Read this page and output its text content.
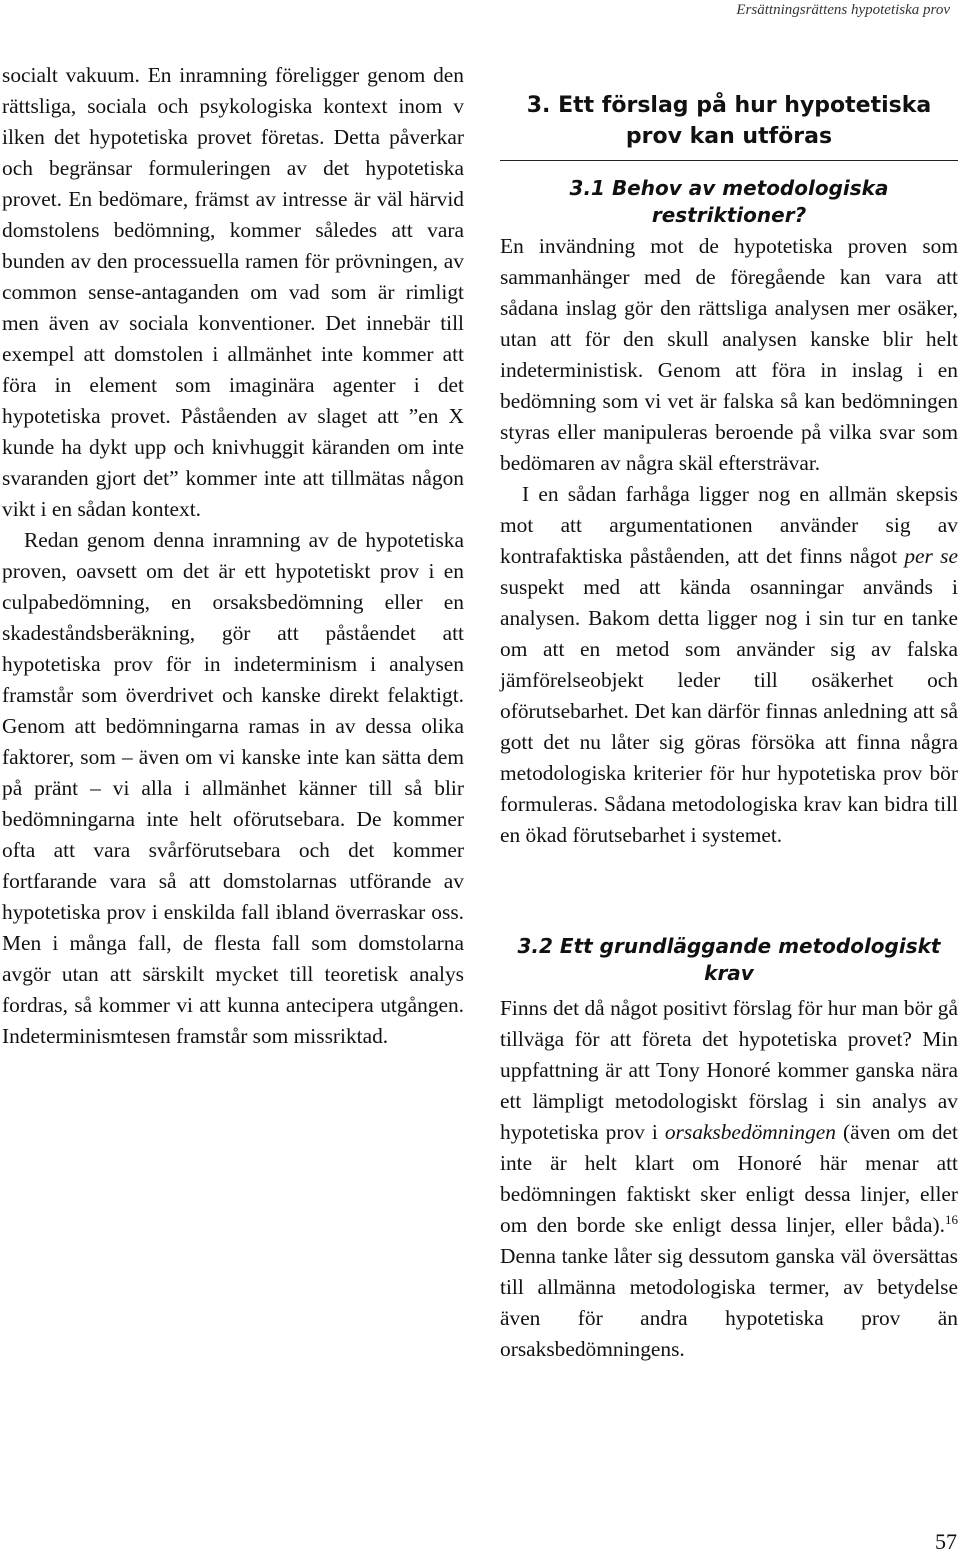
Ersättningsrättens hypotetiska prov

socialt vakuum. En inramning föreligger genom den rättsliga, sociala och psykologiska kontext inom v ilken det hypotetiska provet företas. Detta påverkar och begränsar formuleringen av det hypotetiska provet. En bedömare, främst av intresse är väl härvid domstolens bedömning, kommer således att vara bunden av den processuella ramen för prövningen, av common sense-antaganden om vad som är rimligt men även av sociala konventioner. Det innebär till exempel att domstolen i allmänhet inte kommer att föra in element som imaginära agenter i det hypotetiska provet. Påståenden av slaget att ”en X kunde ha dykt upp och knivhuggit käranden om inte svaranden gjort det” kommer inte att tillmätas någon vikt i en sådan kontext.

Redan genom denna inramning av de hypotetiska proven, oavsett om det är ett hypotetiskt prov i en culpabedömning, en orsaksbedömning eller en skadeståndsberäkning, gör att påståendet att hypotetiska prov för in indeterminism i analysen framstår som överdrivet och kanske direkt felaktigt. Genom att bedömningarna ramas in av dessa olika faktorer, som – även om vi kanske inte kan sätta dem på pränt – vi alla i allmänhet känner till så blir bedömningarna inte helt oförutsebara. De kommer ofta att vara svårförutsebara och det kommer fortfarande vara så att domstolarnas utförande av hypotetiska prov i enskilda fall ibland överraskar oss. Men i många fall, de flesta fall som domstolarna avgör utan att särskilt mycket till teoretisk analys fordras, så kommer vi att kunna antecipera utgången. Indeterminismtesen framstår som missriktad.

3. Ett förslag på hur hypotetiska prov kan utföras
3.1 Behov av metodologiska restriktioner?

En invändning mot de hypotetiska proven som sammanhänger med de föregående kan vara att sådana inslag gör den rättsliga analysen mer osäker, utan att för den skull analysen kanske blir helt indeterministisk. Genom att föra in inslag i en bedömning som vi vet är falska så kan bedömningen styras eller manipuleras beroende på vilka svar som bedömaren av några skäl eftersträvar.

I en sådan farhåga ligger nog en allmän skepsis mot att argumentationen använder sig av kontrafaktiska påståenden, att det finns något per se suspekt med att kända osanningar används i analysen. Bakom detta ligger nog i sin tur en tanke om att en metod som använder sig av falska jämförelseobjekt leder till osäkerhet och oförutsebarhet. Det kan därför finnas anledning att så gott det nu låter sig göras försöka att finna några metodologiska kriterier för hur hypotetiska prov bör formuleras. Sådana metodologiska krav kan bidra till en ökad förutsebarhet i systemet.

3.2 Ett grundläggande metodologiskt krav

Finns det då något positivt förslag för hur man bör gå tillväga för att företa det hypotetiska provet? Min uppfattning är att Tony Honoré kommer ganska nära ett lämpligt metodologiskt förslag i sin analys av hypotetiska prov i orsaksbedömningen (även om det inte är helt klart om Honoré här menar att bedömningen faktiskt sker enligt dessa linjer, eller om den borde ske enligt dessa linjer, eller båda).$^{16}$ Denna tanke låter sig dessutom ganska väl översättas till allmänna metodologiska termer, av betydelse även för andra hypotetiska prov än orsaksbedömningens.

57
